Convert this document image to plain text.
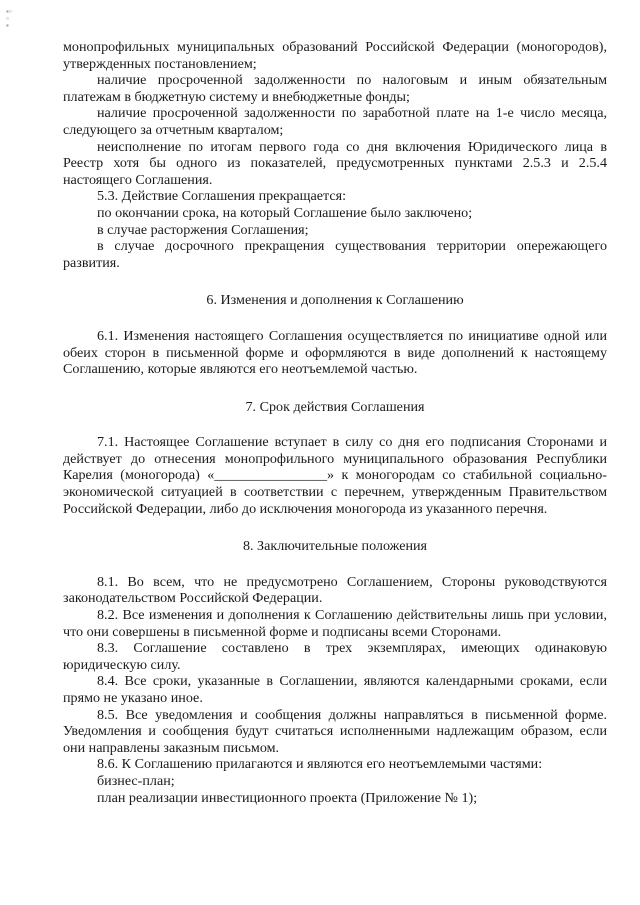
▪▫
▫
▪

монопрофильных муниципальных образований Российской Федерации (моногородов), утвержденных постановлением;

наличие просроченной задолженности по налоговым и иным обязательным платежам в бюджетную систему и внебюджетные фонды;

наличие просроченной задолженности по заработной плате на 1-е число месяца, следующего за отчетным кварталом;

неисполнение по итогам первого года со дня включения Юридического лица в Реестр хотя бы одного из показателей, предусмотренных пунктами 2.5.3 и 2.5.4 настоящего Соглашения.

5.3. Действие Соглашения прекращается:

по окончании срока, на который Соглашение было заключено;

в случае расторжения Соглашения;

в случае досрочного прекращения существования территории опережающего развития.

6. Изменения и дополнения к Соглашению

6.1. Изменения настоящего Соглашения осуществляется по инициативе одной или обеих сторон в письменной форме и оформляются в виде дополнений к настоящему Соглашению, которые являются его неотъемлемой частью.

7. Срок действия Соглашения

7.1. Настоящее Соглашение вступает в силу со дня его подписания Сторонами и действует до отнесения монопрофильного муниципального образования Республики Карелия (моногорода) «________________» к моногородам со стабильной социально-экономической ситуацией в соответствии с перечнем, утвержденным Правительством Российской Федерации, либо до исключения моногорода из указанного перечня.

8. Заключительные положения

8.1. Во всем, что не предусмотрено Соглашением, Стороны руководствуются законодательством Российской Федерации.

8.2. Все изменения и дополнения к Соглашению действительны лишь при условии, что они совершены в письменной форме и подписаны всеми Сторонами.

8.3. Соглашение составлено в трех экземплярах, имеющих одинаковую юридическую силу.

8.4. Все сроки, указанные в Соглашении, являются календарными сроками, если прямо не указано иное.

8.5. Все уведомления и сообщения должны направляться в письменной форме. Уведомления и сообщения будут считаться исполненными надлежащим образом, если они направлены заказным письмом.

8.6. К Соглашению прилагаются и являются его неотъемлемыми частями:

бизнес-план;

план реализации инвестиционного проекта (Приложение № 1);
